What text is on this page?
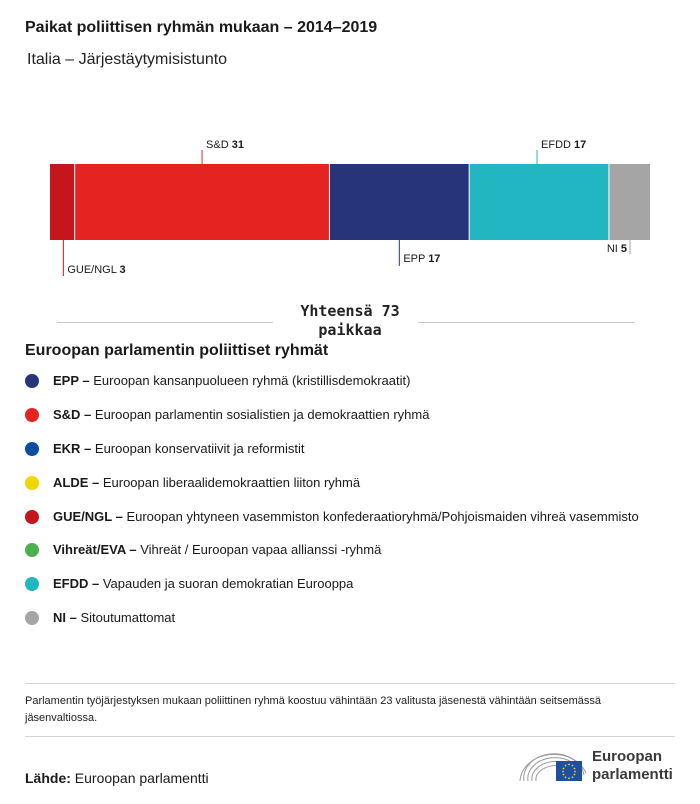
Paikat poliittisen ryhmän mukaan – 2014–2019
Italia – Järjestäytymisistunto
GUE/NGL 3
S&D 31
EPP 17
EFDD 17
NI 5
Yhteensä 73 paikkaa
Euroopan parlamentin poliittiset ryhmät
EPP – Euroopan kansanpuolueen ryhmä (kristillisdemokraatit)
S&D – Euroopan parlamentin sosialistien ja demokraattien ryhmä
EKR – Euroopan konservatiivit ja reformistit
ALDE – Euroopan liberaalidemokraattien liiton ryhmä
GUE/NGL – Euroopan yhtyneen vasemmiston konfederaatioryhmä/Pohjoismaiden vihreä vasemmisto
Vihreät/EVA – Vihreät / Euroopan vapaa allianssi -ryhmä
EFDD – Vapauden ja suoran demokratian Eurooppa
NI – Sitoutumattomat
Parlamentin työjärjestyksen mukaan poliittinen ryhmä koostuu vähintään 23 valitusta jäsenestä vähintään seitsemässä jäsenvaltiossa.
Lähde: Euroopan parlamentti
Euroopan
parlamentti
